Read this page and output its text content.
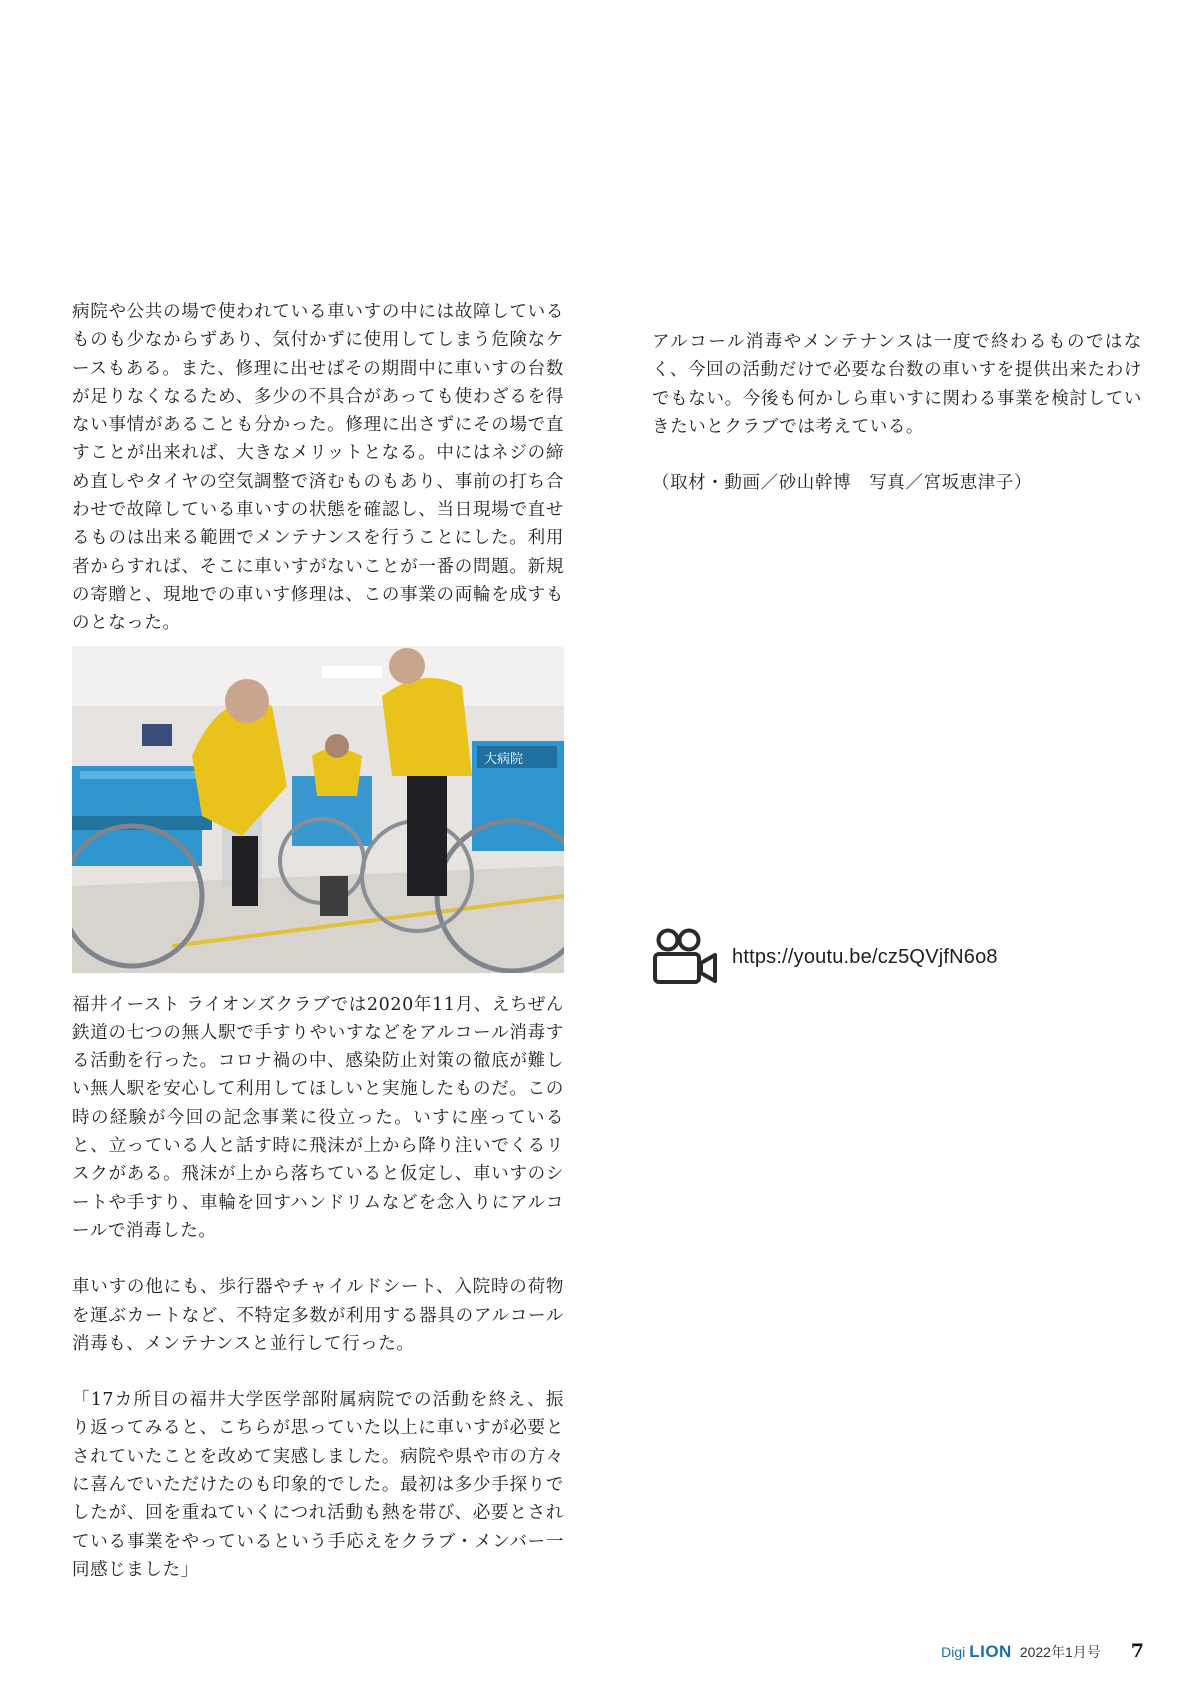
病院や公共の場で使われている車いすの中には故障しているものも少なからずあり、気付かずに使用してしまう危険なケースもある。また、修理に出せばその期間中に車いすの台数が足りなくなるため、多少の不具合があっても使わざるを得ない事情があることも分かった。修理に出さずにその場で直すことが出来れば、大きなメリットとなる。中にはネジの締め直しやタイヤの空気調整で済むものもあり、事前の打ち合わせで故障している車いすの状態を確認し、当日現場で直せるものは出来る範囲でメンテナンスを行うことにした。利用者からすれば、そこに車いすがないことが一番の問題。新規の寄贈と、現地での車いす修理は、この事業の両輪を成すものとなった。

大病院

福井イースト ライオンズクラブでは2020年11月、えちぜん鉄道の七つの無人駅で手すりやいすなどをアルコール消毒する活動を行った。コロナ禍の中、感染防止対策の徹底が難しい無人駅を安心して利用してほしいと実施したものだ。この時の経験が今回の記念事業に役立った。いすに座っていると、立っている人と話す時に飛沫が上から降り注いでくるリスクがある。飛沫が上から落ちていると仮定し、車いすのシートや手すり、車輪を回すハンドリムなどを念入りにアルコールで消毒した。

車いすの他にも、歩行器やチャイルドシート、入院時の荷物を運ぶカートなど、不特定多数が利用する器具のアルコール消毒も、メンテナンスと並行して行った。

「17カ所目の福井大学医学部附属病院での活動を終え、振り返ってみると、こちらが思っていた以上に車いすが必要とされていたことを改めて実感しました。病院や県や市の方々に喜んでいただけたのも印象的でした。最初は多少手探りでしたが、回を重ねていくにつれ活動も熱を帯び、必要とされている事業をやっているという手応えをクラブ・メンバー一同感じました」

アルコール消毒やメンテナンスは一度で終わるものではなく、今回の活動だけで必要な台数の車いすを提供出来たわけでもない。今後も何かしら車いすに関わる事業を検討していきたいとクラブでは考えている。

（取材・動画／砂山幹博　写真／宮坂恵津子）
https://youtu.be/cz5QVjfN6o8
Digi LION 2022年1月号 7
